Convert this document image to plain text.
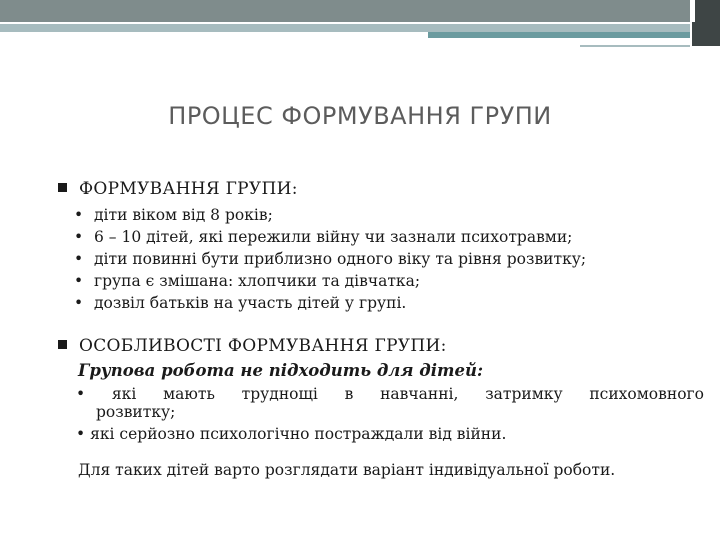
ПРОЦЕС ФОРМУВАННЯ ГРУПИ
ФОРМУВАННЯ ГРУПИ:
• діти віком від 8 років;
• 6 – 10 дітей, які пережили війну чи зазнали психотравми;
• діти повинні бути приблизно одного віку та рівня розвитку;
• група є змішана: хлопчики та дівчатка;
• дозвіл батьків на участь дітей у групі.
ОСОБЛИВОСТІ ФОРМУВАННЯ ГРУПИ:
Групова робота не підходить для дітей:
• які мають труднощі в навчанні, затримку психомовного
розвитку;
• які серйозно психологічно постраждали від війни.
Для таких дітей варто розглядати варіант індивідуальної роботи.
